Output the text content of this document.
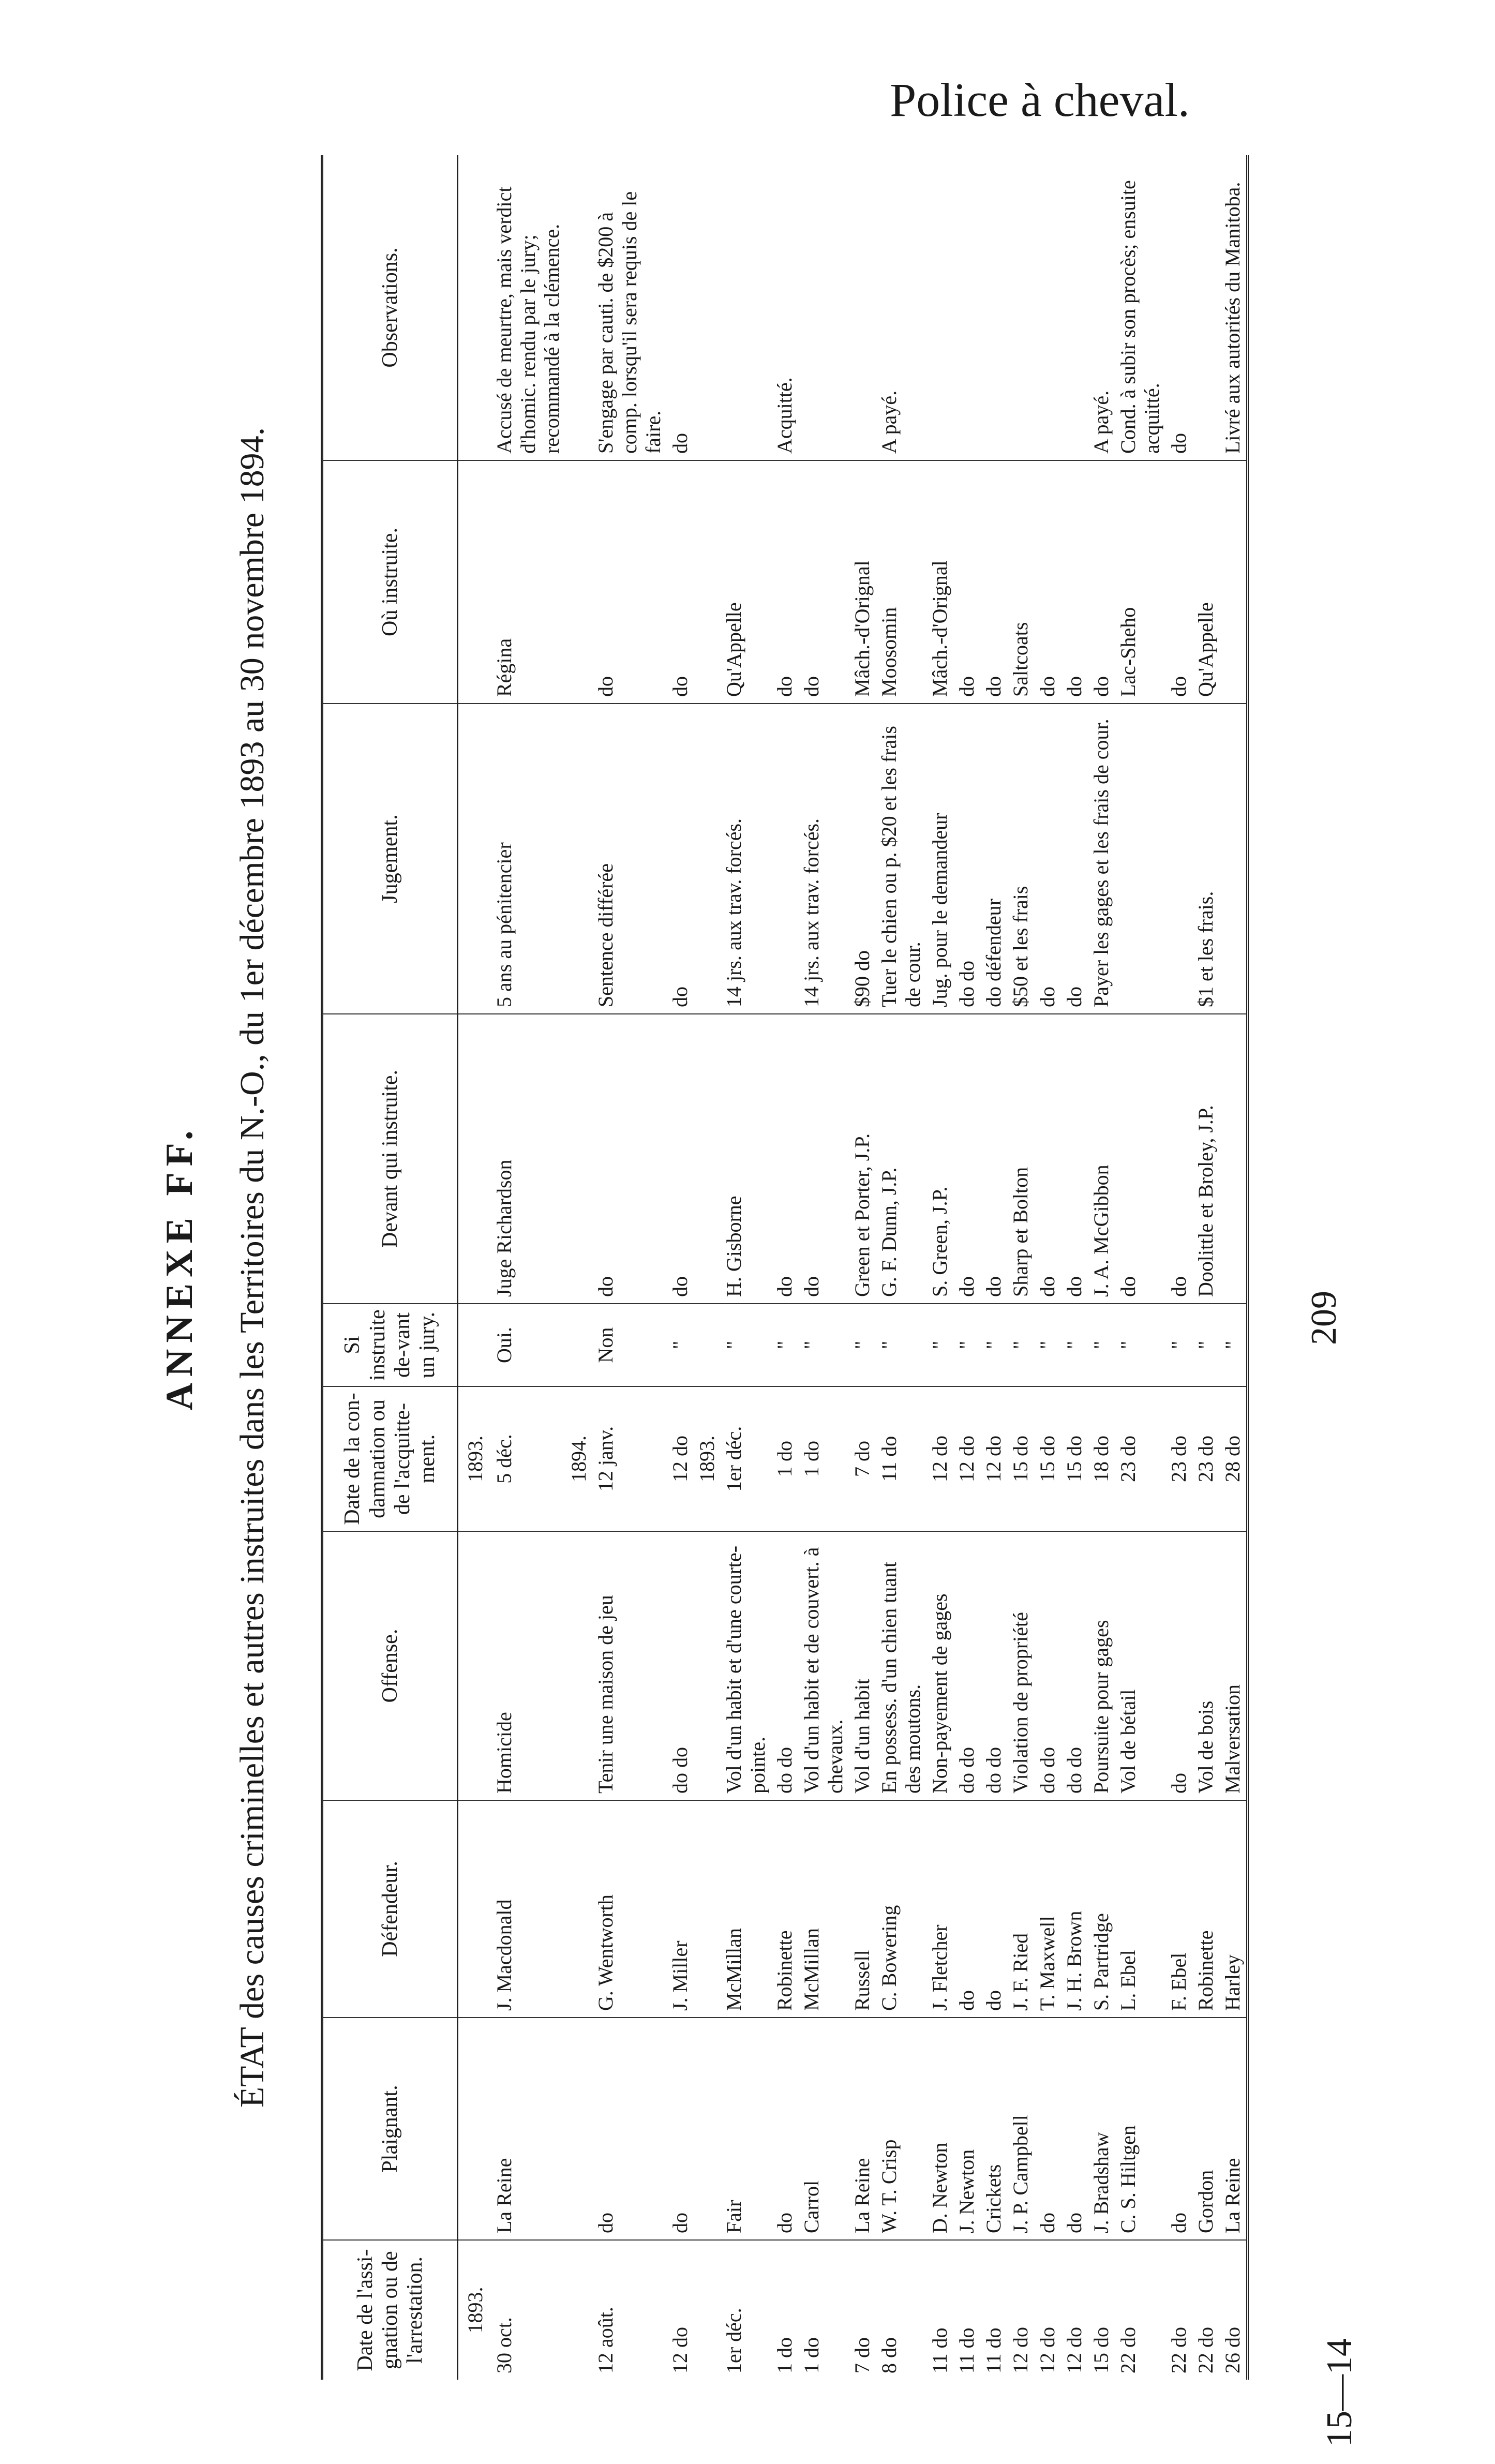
Police à cheval.
ANNEXE FF. ÉTAT des causes criminelles et autres instruites dans les Territoires du N.-O., du 1er décembre 1893 au 30 novembre 1894.
Date de l'assi-gnation ou de l'arrestation.	Plaignant.	Défendeur.	Offense.	Date de la con-damnation ou de l'acquitte-ment.	Si instruite de-vant un jury.	Devant qui instruite.	Jugement.	Où instruite.	Observations.
1893.				1893.					
30 oct.	La Reine	J. Macdonald	Homicide	5 déc.	Oui.	Juge Richardson	5 ans au pénitencier	Régina	Accusé de meurtre, mais verdict d'homic. rendu par le jury; recommandé à la clémence.
				1894.					
12 août.	do	G. Wentworth	Tenir une maison de jeu	12 janv.	Non	do	Sentence différée	do	S'engage par cauti. de $200 à comp. lorsqu'il sera requis de le faire.
12 do	do	J. Miller	do do	12 do	"	do	do	do	do
				1893.					
1er déc.	Fair	McMillan	Vol d'un habit et d'une courte-pointe.	1er déc.	"	H. Gisborne	14 jrs. aux trav. forcés.	Qu'Appelle	
1 do	do	Robinette	do do	1 do	"	do		do	Acquitté.
1 do	Carrol	McMillan	Vol d'un habit et de couvert. à chevaux.	1 do	"	do	14 jrs. aux trav. forcés.	do	
7 do	La Reine	Russell	Vol d'un habit	7 do	"	Green et Porter, J.P.	$90 do	Mâch.-d'Orignal	
8 do	W. T. Crisp	C. Bowering	En possess. d'un chien tuant des moutons.	11 do	"	G. F. Dunn, J.P.	Tuer le chien ou p. $20 et les frais de cour.	Moosomin	A payé.
11 do	D. Newton	J. Fletcher	Non-payement de gages	12 do	"	S. Green, J.P.	Jug. pour le demandeur	Mâch.-d'Orignal	
11 do	J. Newton	do	do do	12 do	"	do	do do	do	
11 do	Crickets	do	do do	12 do	"	do	do défendeur	do	
12 do	J. P. Campbell	J. F. Ried	Violation de propriété	15 do	"	Sharp et Bolton	$50 et les frais	Saltcoats	
12 do	do	T. Maxwell	do do	15 do	"	do	do	do	
12 do	do	J. H. Brown	do do	15 do	"	do	do	do	
15 do	J. Bradshaw	S. Partridge	Poursuite pour gages	18 do	"	J. A. McGibbon	Payer les gages et les frais de cour.	do	A payé.
22 do	C. S. Hiltgen	L. Ebel	Vol de bétail	23 do	"	do		Lac-Sheho	Cond. à subir son procès; ensuite acquitté.
22 do	do	F. Ebel	do	23 do	"	do		do	do
22 do	Gordon	Robinette	Vol de bois	23 do	"	Doolittle et Broley, J.P.	$1 et les frais.	Qu'Appelle	
26 do	La Reine	Harley	Malversation	28 do	"				Livré aux autorités du Manitoba.
209
15—14
